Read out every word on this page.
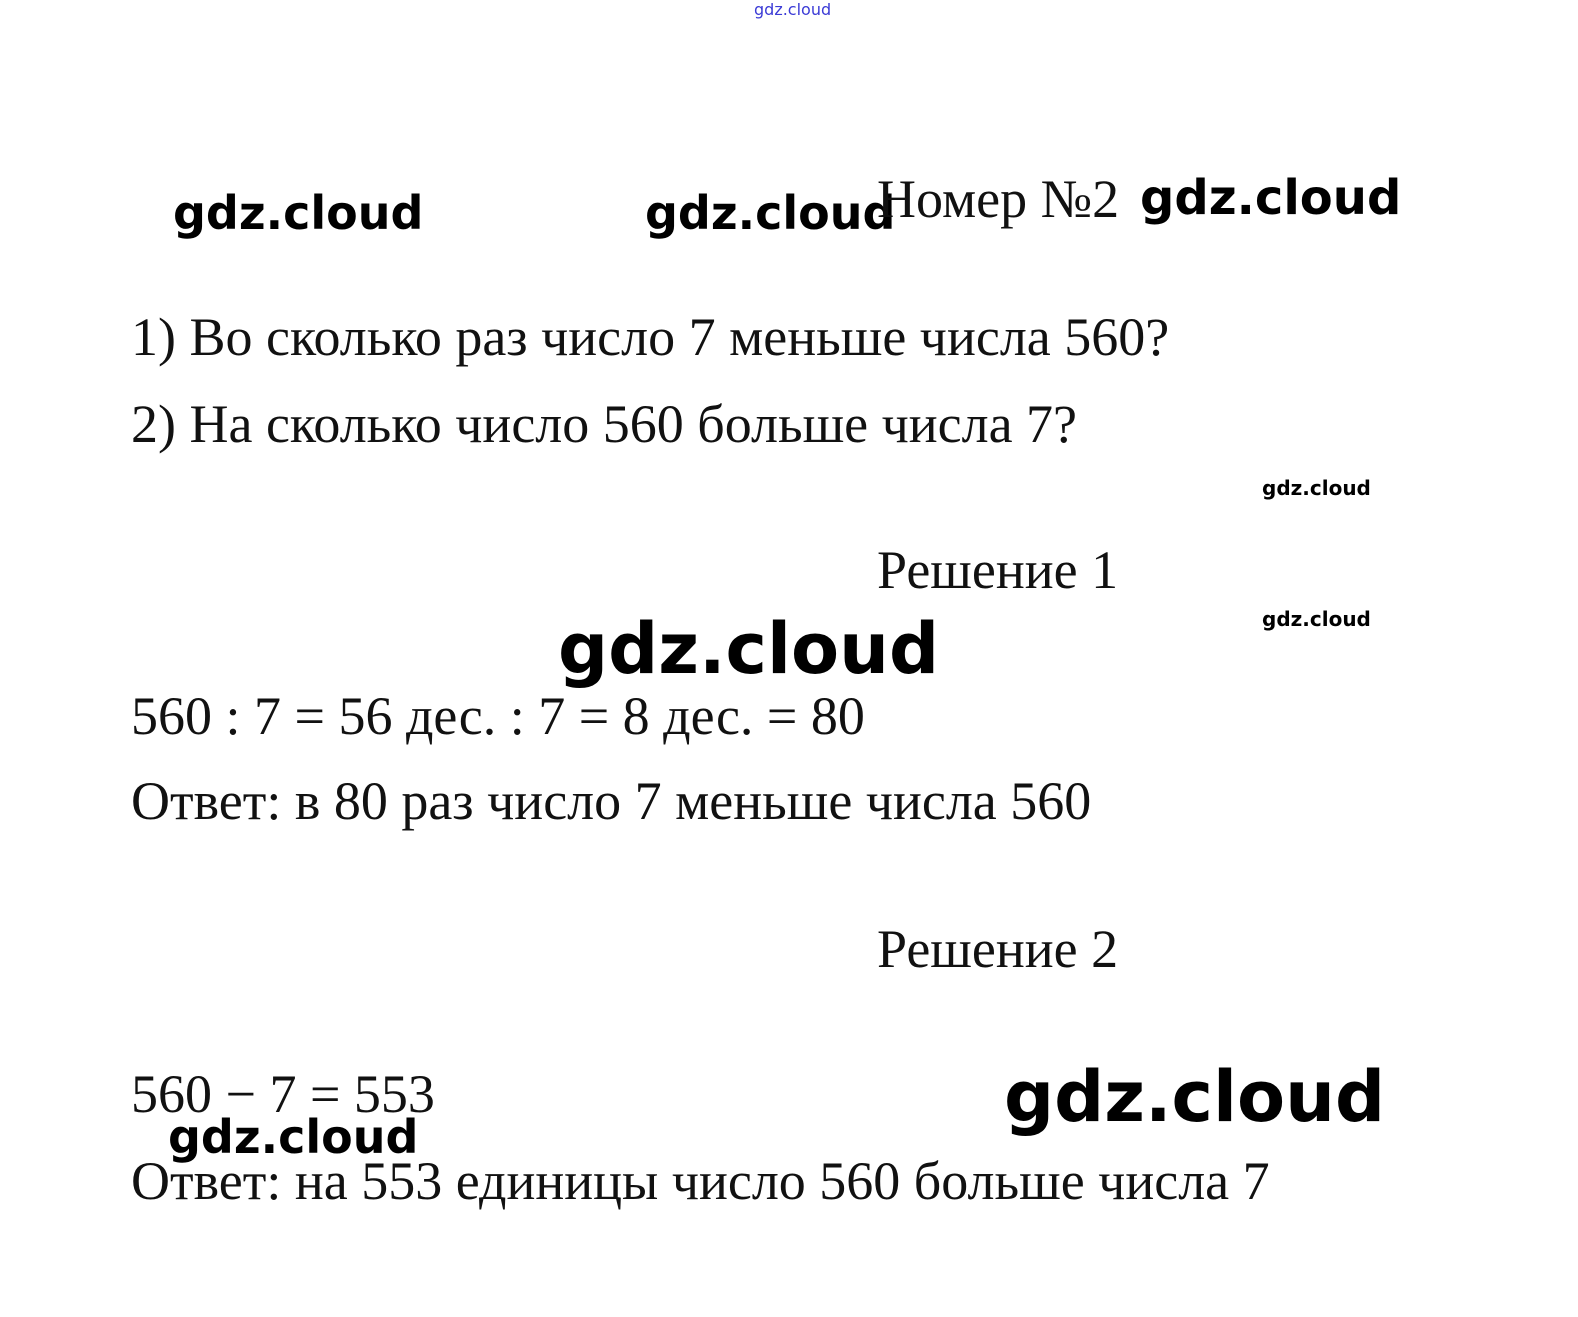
gdz.cloud
gdz.cloud	gdz.cloud	gdz.cloud
gdz.cloud
gdz.cloud
gdz.cloud
gdz.cloud
gdz.cloud
Номер №2
1) Во сколько раз число 7 меньше числа 560?
2) На сколько число 560 больше числа 7?
Решение 1
560 : 7 = 56 дес. : 7 = 8 дес. = 80
Ответ: в 80 раз число 7 меньше числа 560
Решение 2
560 − 7 = 553
Ответ: на 553 единицы число 560 больше числа 7
